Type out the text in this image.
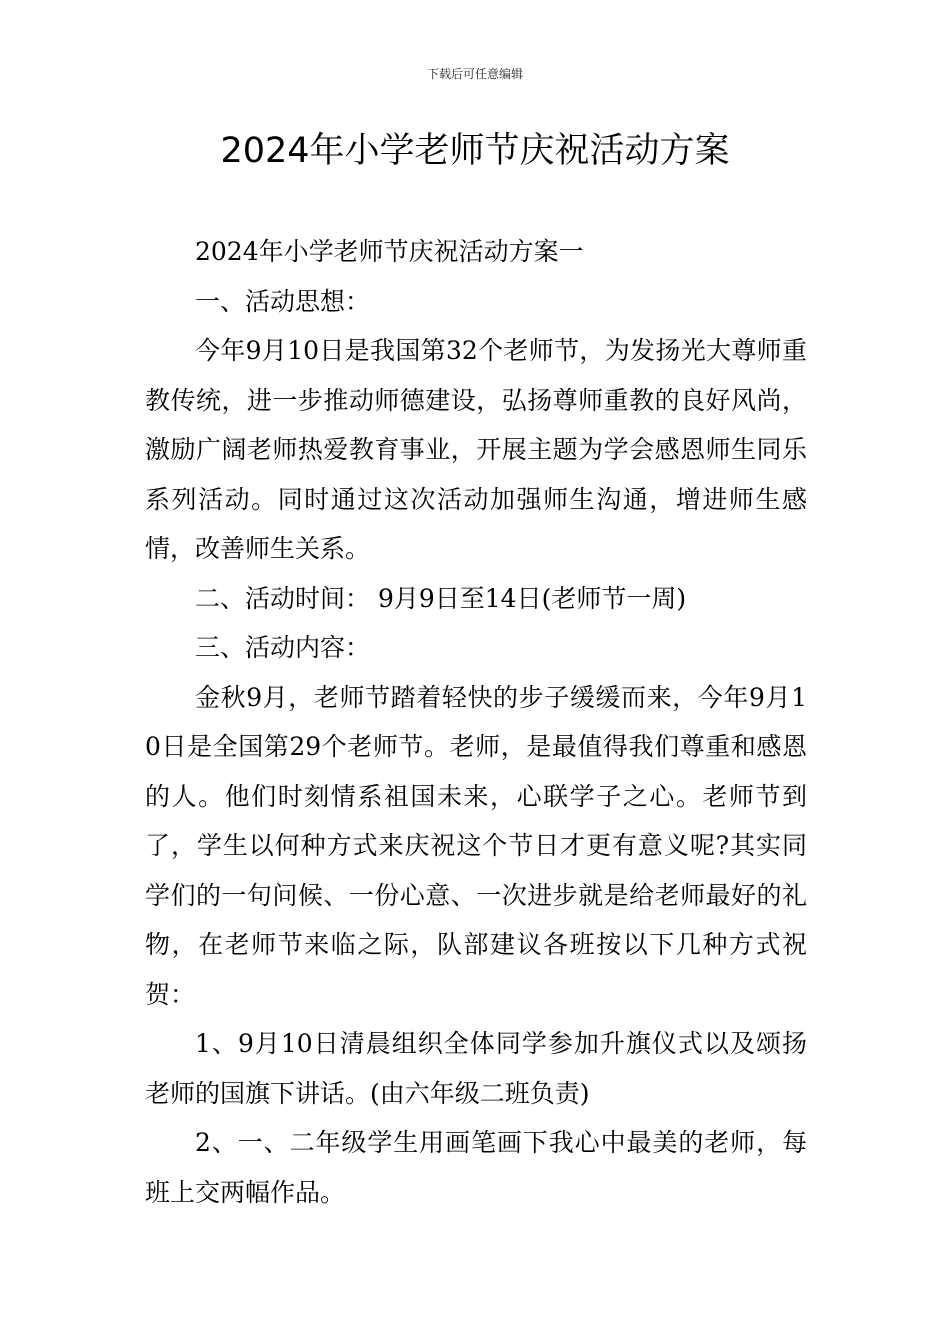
下载后可任意编辑
2024年小学老师节庆祝活动方案

2024年小学老师节庆祝活动方案一

一、活动思想：

今年9月10日是我国第32个老师节，为发扬光大尊师重教传统，进一步推动师德建设，弘扬尊师重教的良好风尚，激励广阔老师热爱教育事业，开展主题为学会感恩师生同乐系列活动。同时通过这次活动加强师生沟通，增进师生感情，改善师生关系。

二、活动时间： 9月9日至14日(老师节一周)

三、活动内容：

金秋9月，老师节踏着轻快的步子缓缓而来，今年9月10日是全国第29个老师节。老师，是最值得我们尊重和感恩的人。他们时刻情系祖国未来，心联学子之心。老师节到了，学生以何种方式来庆祝这个节日才更有意义呢?其实同学们的一句问候、一份心意、一次进步就是给老师最好的礼物，在老师节来临之际，队部建议各班按以下几种方式祝贺：

1、9月10日清晨组织全体同学参加升旗仪式以及颂扬老师的国旗下讲话。(由六年级二班负责)

2、一、二年级学生用画笔画下我心中最美的老师，每班上交两幅作品。
